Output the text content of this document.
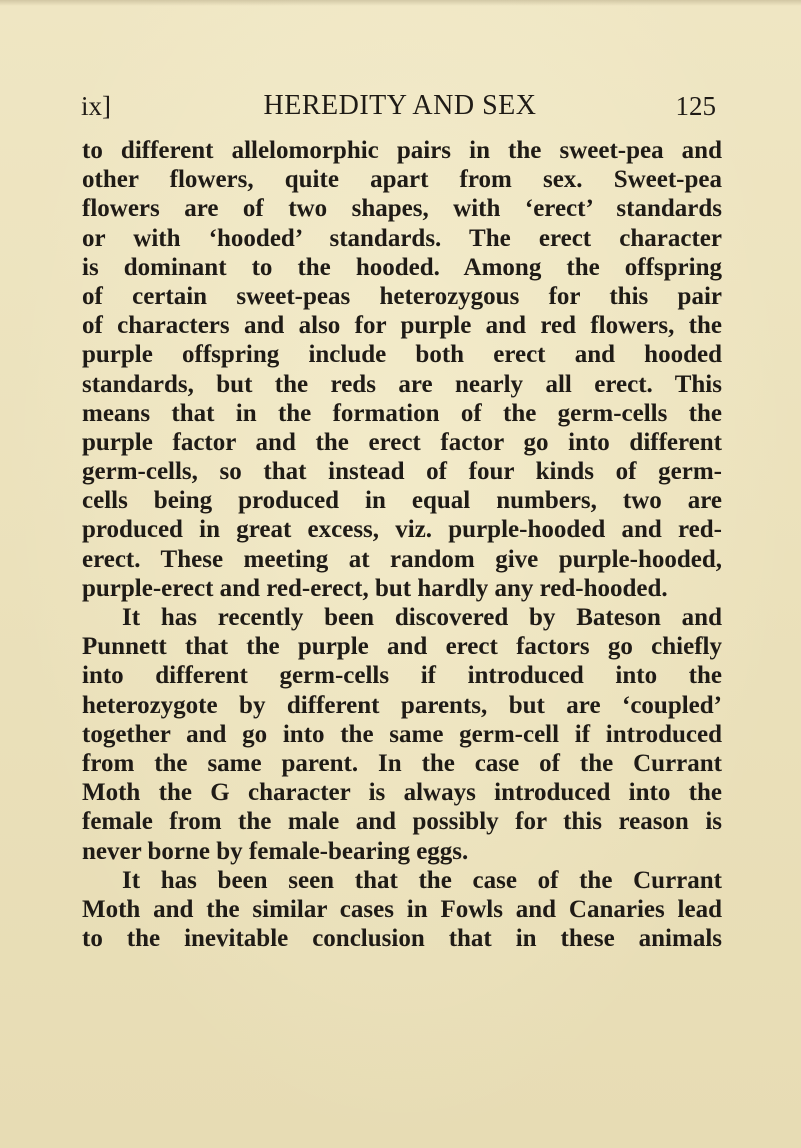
ix]	HEREDITY AND SEX	125
to different allelomorphic pairs in the sweet-pea and
other flowers, quite apart from sex. Sweet-pea
flowers are of two shapes, with ‘erect’ standards
or with ‘hooded’ standards. The erect character
is dominant to the hooded. Among the offspring
of certain sweet-peas heterozygous for this pair
of characters and also for purple and red flowers, the
purple offspring include both erect and hooded
standards, but the reds are nearly all erect. This
means that in the formation of the germ-cells the
purple factor and the erect factor go into different
germ-cells, so that instead of four kinds of germ-
cells being produced in equal numbers, two are
produced in great excess, viz. purple-hooded and red-
erect. These meeting at random give purple-hooded,
purple-erect and red-erect, but hardly any red-hooded.
It has recently been discovered by Bateson and
Punnett that the purple and erect factors go chiefly
into different germ-cells if introduced into the
heterozygote by different parents, but are ‘coupled’
together and go into the same germ-cell if introduced
from the same parent. In the case of the Currant
Moth the G character is always introduced into the
female from the male and possibly for this reason is
never borne by female-bearing eggs.
It has been seen that the case of the Currant
Moth and the similar cases in Fowls and Canaries lead
to the inevitable conclusion that in these animals
